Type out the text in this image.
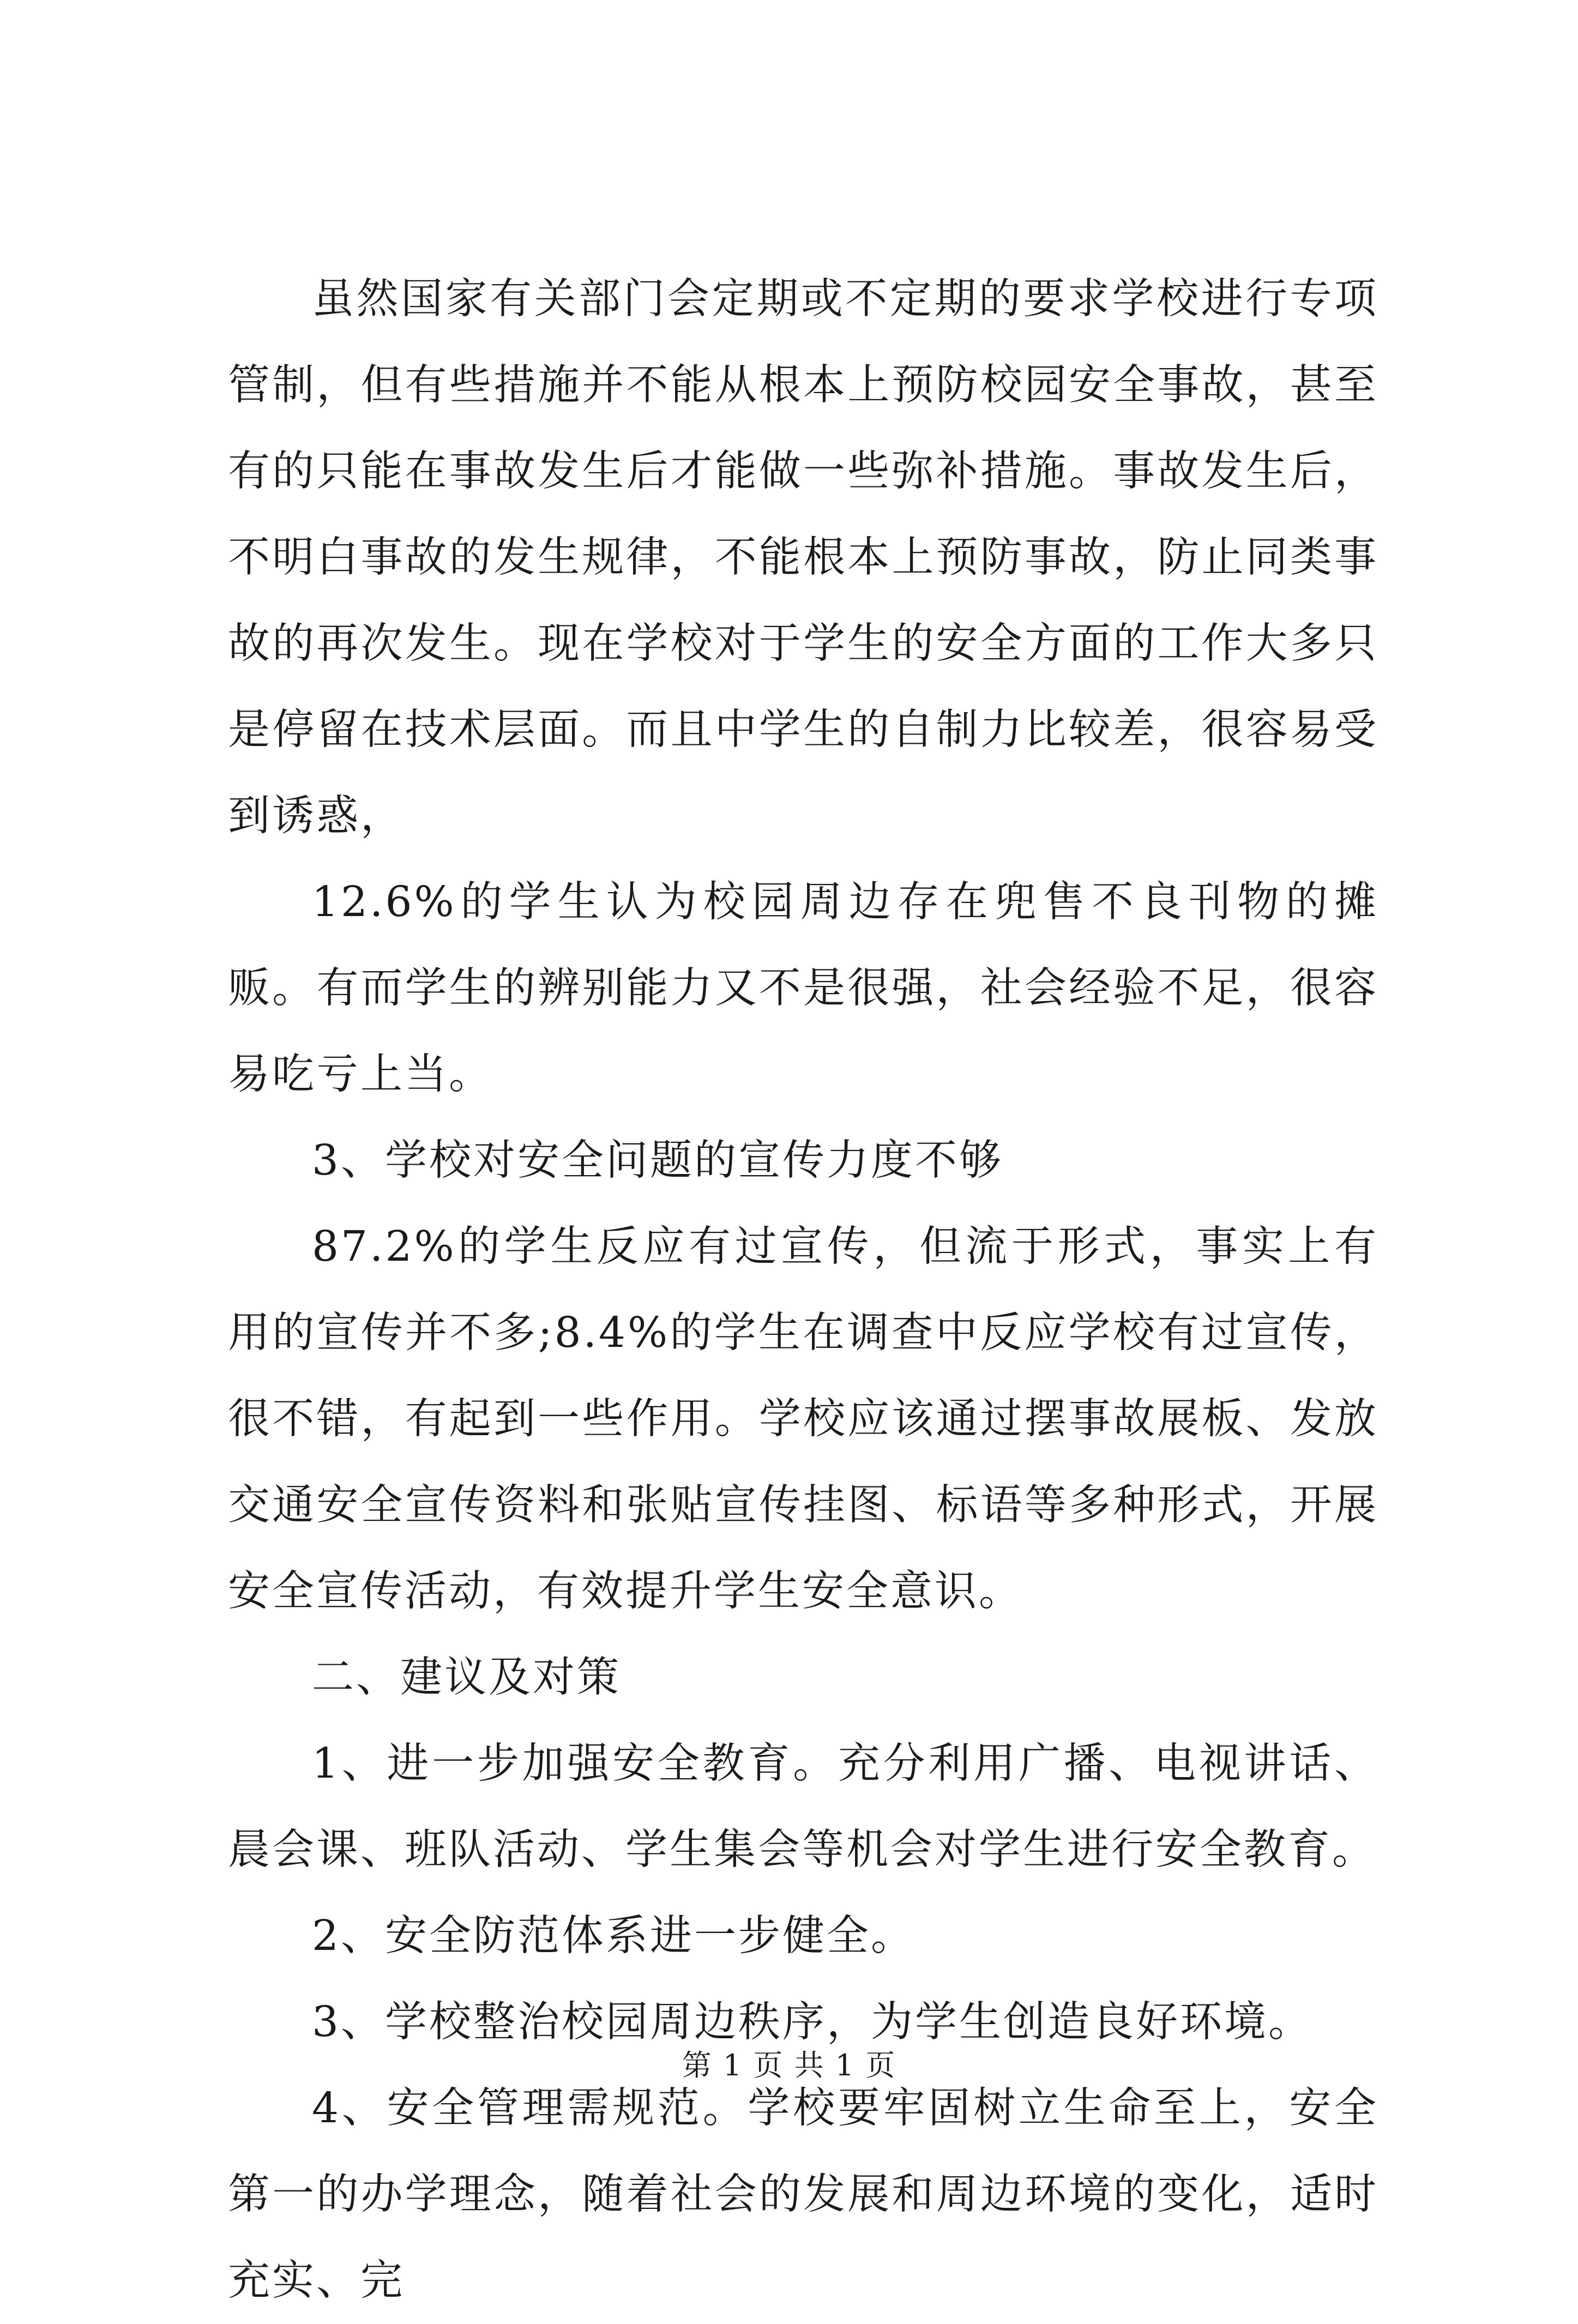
虽然国家有关部门会定期或不定期的要求学校进行专项管制，但有些措施并不能从根本上预防校园安全事故，甚至有的只能在事故发生后才能做一些弥补措施。事故发生后，不明白事故的发生规律，不能根本上预防事故，防止同类事故的再次发生。现在学校对于学生的安全方面的工作大多只是停留在技术层面。而且中学生的自制力比较差，很容易受到诱惑，

12.6%的学生认为校园周边存在兜售不良刊物的摊贩。有而学生的辨别能力又不是很强，社会经验不足，很容易吃亏上当。

3、学校对安全问题的宣传力度不够

87.2%的学生反应有过宣传，但流于形式，事实上有用的宣传并不多;8.4%的学生在调查中反应学校有过宣传，很不错，有起到一些作用。学校应该通过摆事故展板、发放交通安全宣传资料和张贴宣传挂图、标语等多种形式，开展安全宣传活动，有效提升学生安全意识。

二、建议及对策

1、进一步加强安全教育。充分利用广播、电视讲话、晨会课、班队活动、学生集会等机会对学生进行安全教育。

2、安全防范体系进一步健全。

3、学校整治校园周边秩序，为学生创造良好环境。

4、安全管理需规范。学校要牢固树立生命至上，安全第一的办学理念，随着社会的发展和周边环境的变化，适时充实、完

第 1 页 共 1 页
